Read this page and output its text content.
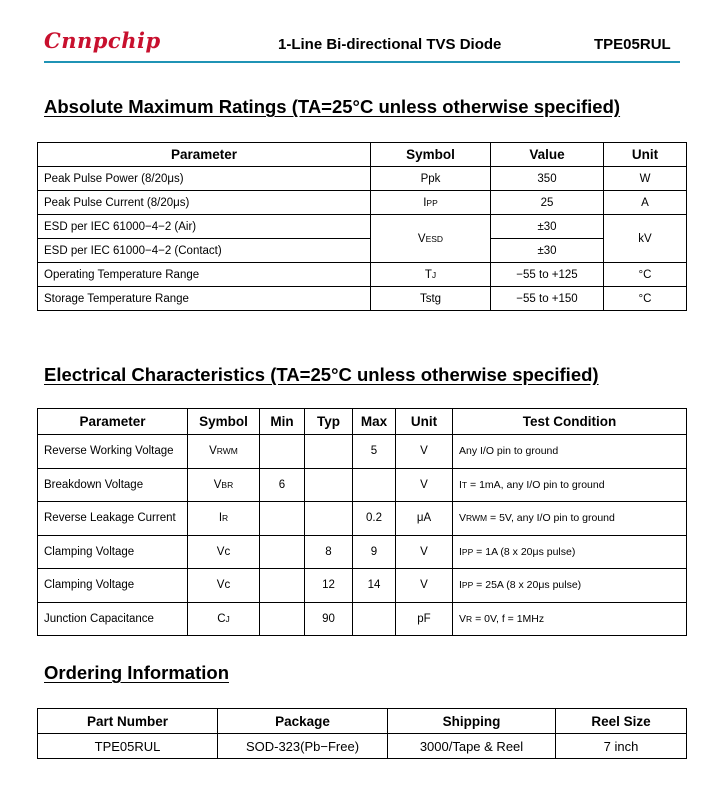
Cnnpchip	1-Line Bi-directional TVS Diode	TPE05RUL
Absolute Maximum Ratings (TA=25°C unless otherwise specified)
Parameter	Symbol	Value	Unit
Peak Pulse Power (8/20μs)	Ppk	350	W
Peak Pulse Current (8/20μs)	IPP	25	A
ESD per IEC 61000−4−2 (Air)	VESD	±30	kV
ESD per IEC 61000−4−2 (Contact)		±30	
Operating Temperature Range	TJ	−55 to +125	°C
Storage Temperature Range	Tstg	−55 to +150	°C
Electrical Characteristics (TA=25°C unless otherwise specified)
Parameter	Symbol	Min	Typ	Max	Unit	Test Condition
Reverse Working Voltage	VRWM			5	V	Any I/O pin to ground
Breakdown Voltage	VBR	6			V	IT = 1mA, any I/O pin to ground
Reverse Leakage Current	IR			0.2	μA	VRWM = 5V, any I/O pin to ground
Clamping Voltage	Vc		8	9	V	IPP = 1A (8 x 20μs pulse)
Clamping Voltage	Vc		12	14	V	IPP = 25A (8 x 20μs pulse)
Junction Capacitance	CJ		90		pF	VR = 0V, f = 1MHz
Ordering Information
Part Number	Package	Shipping	Reel Size
TPE05RUL	SOD-323(Pb−Free)	3000/Tape & Reel	7 inch
